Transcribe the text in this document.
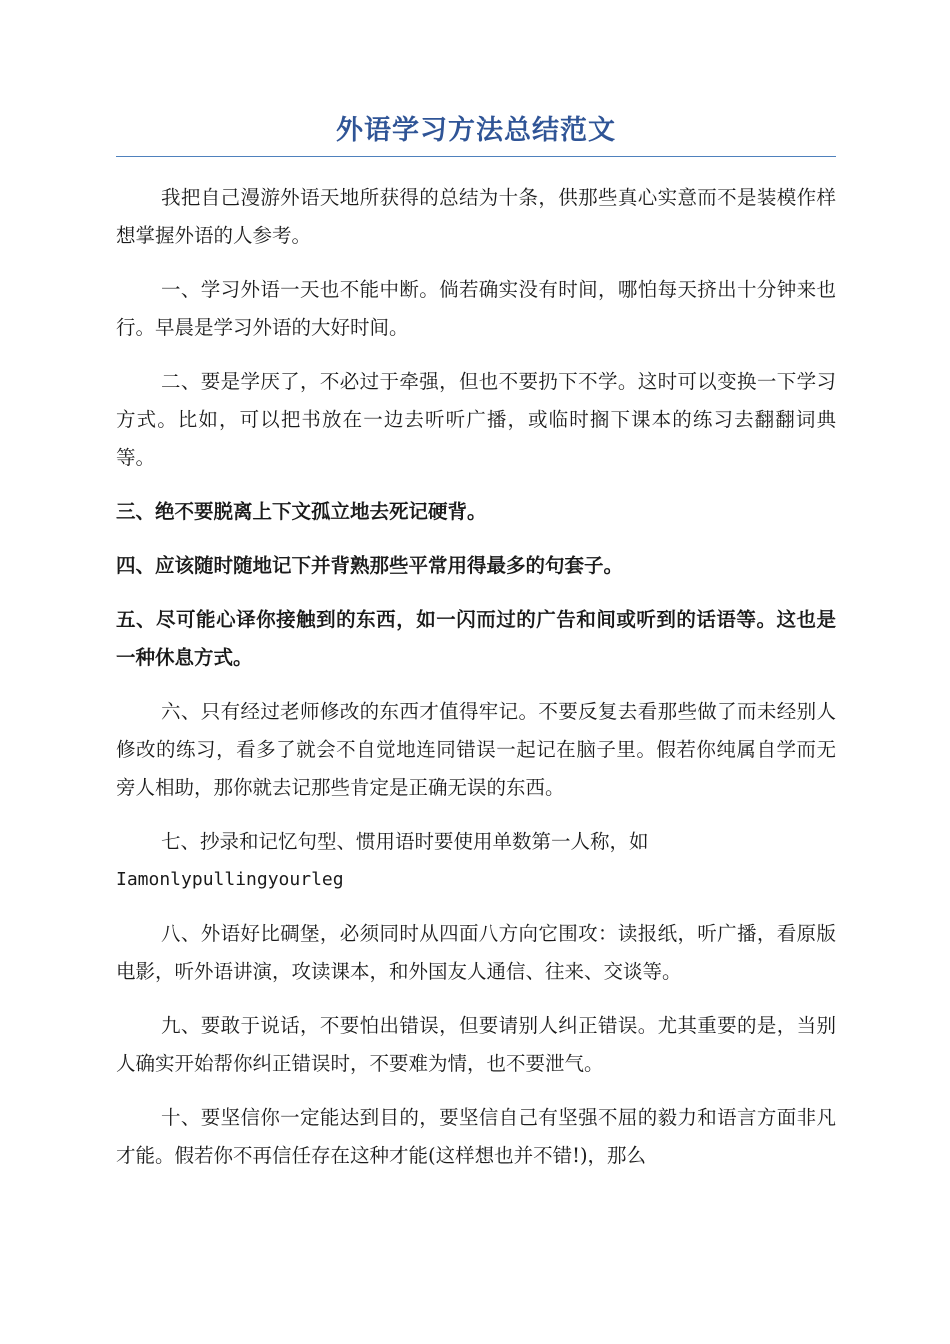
外语学习方法总结范文

我把自己漫游外语天地所获得的总结为十条，供那些真心实意而不是装模作样想掌握外语的人参考。

一、学习外语一天也不能中断。倘若确实没有时间，哪怕每天挤出十分钟来也行。早晨是学习外语的大好时间。

二、要是学厌了，不必过于牵强，但也不要扔下不学。这时可以变换一下学习方式。比如，可以把书放在一边去听听广播，或临时搁下课本的练习去翻翻词典等。

三、绝不要脱离上下文孤立地去死记硬背。

四、应该随时随地记下并背熟那些平常用得最多的句套子。

五、尽可能心译你接触到的东西，如一闪而过的广告和间或听到的话语等。这也是一种休息方式。

六、只有经过老师修改的东西才值得牢记。不要反复去看那些做了而未经别人修改的练习，看多了就会不自觉地连同错误一起记在脑子里。假若你纯属自学而无旁人相助，那你就去记那些肯定是正确无误的东西。

七、抄录和记忆句型、惯用语时要使用单数第一人称，如
Iamonlypullingyourleg

八、外语好比碉堡，必须同时从四面八方向它围攻：读报纸，听广播，看原版电影，听外语讲演，攻读课本，和外国友人通信、往来、交谈等。

九、要敢于说话，不要怕出错误，但要请别人纠正错误。尤其重要的是，当别人确实开始帮你纠正错误时，不要难为情，也不要泄气。

十、要坚信你一定能达到目的，要坚信自己有坚强不屈的毅力和语言方面非凡才能。假若你不再信任存在这种才能(这样想也并不错!)，那么
